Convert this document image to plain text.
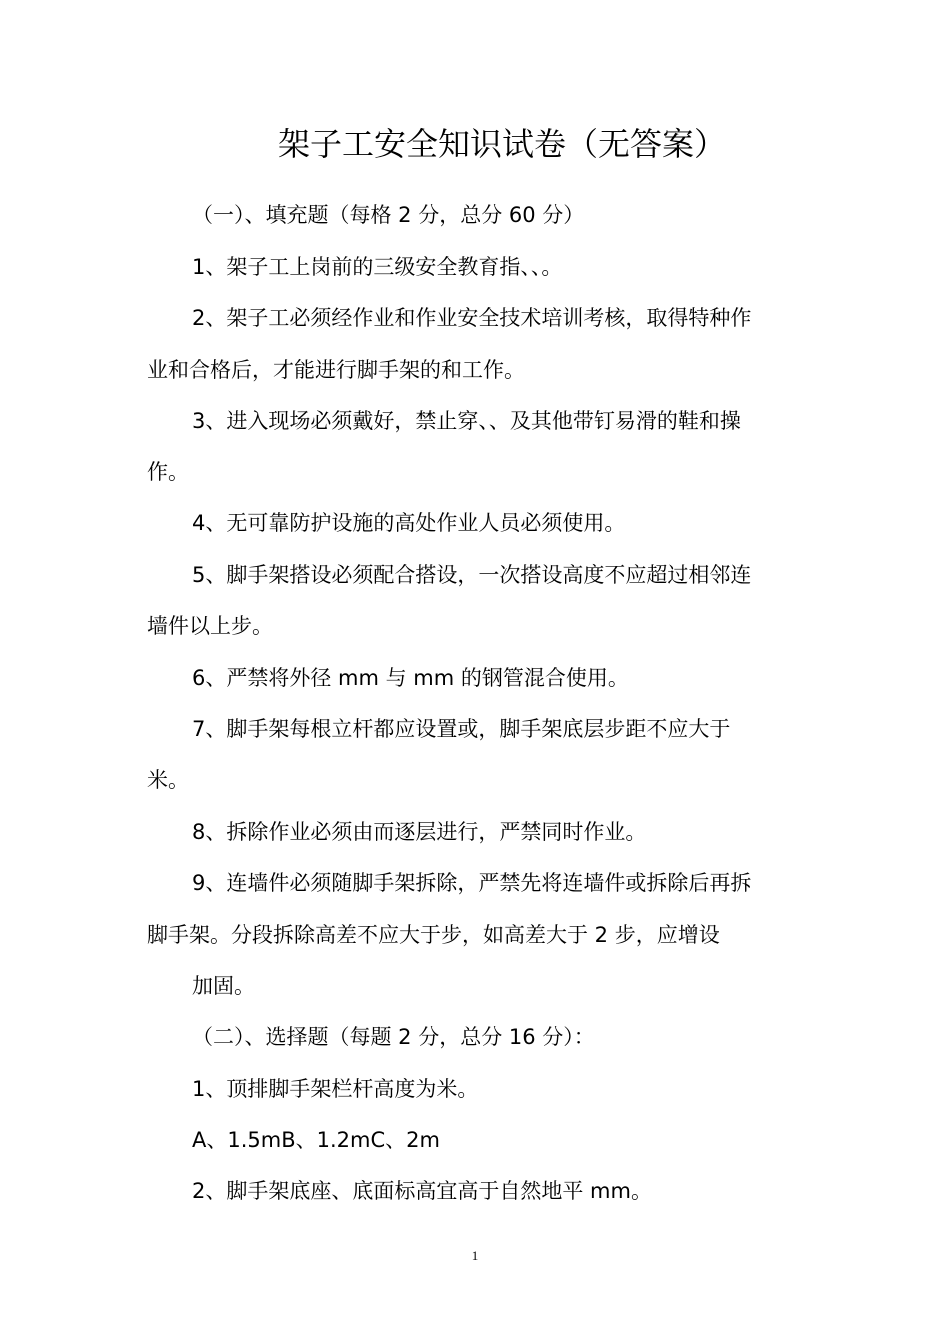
架子工安全知识试卷（无答案）
（一）、填充题（每格 2 分，总分 60 分）
1、架子工上岗前的三级安全教育指、、。
2、架子工必须经作业和作业安全技术培训考核，取得特种作
业和合格后，才能进行脚手架的和工作。
3、进入现场必须戴好，禁止穿、、及其他带钉易滑的鞋和操
作。
4、无可靠防护设施的高处作业人员必须使用。
5、脚手架搭设必须配合搭设，一次搭设高度不应超过相邻连
墙件以上步。
6、严禁将外径 mm 与 mm 的钢管混合使用。
7、脚手架每根立杆都应设置或，脚手架底层步距不应大于
米。
8、拆除作业必须由而逐层进行，严禁同时作业。
9、连墙件必须随脚手架拆除，严禁先将连墙件或拆除后再拆
脚手架。分段拆除高差不应大于步，如高差大于 2 步，应增设
加固。
（二）、选择题（每题 2 分，总分 16 分）：
1、顶排脚手架栏杆高度为米。
A、1.5mB、1.2mC、2m
2、脚手架底座、底面标高宜高于自然地平 mm。
1
